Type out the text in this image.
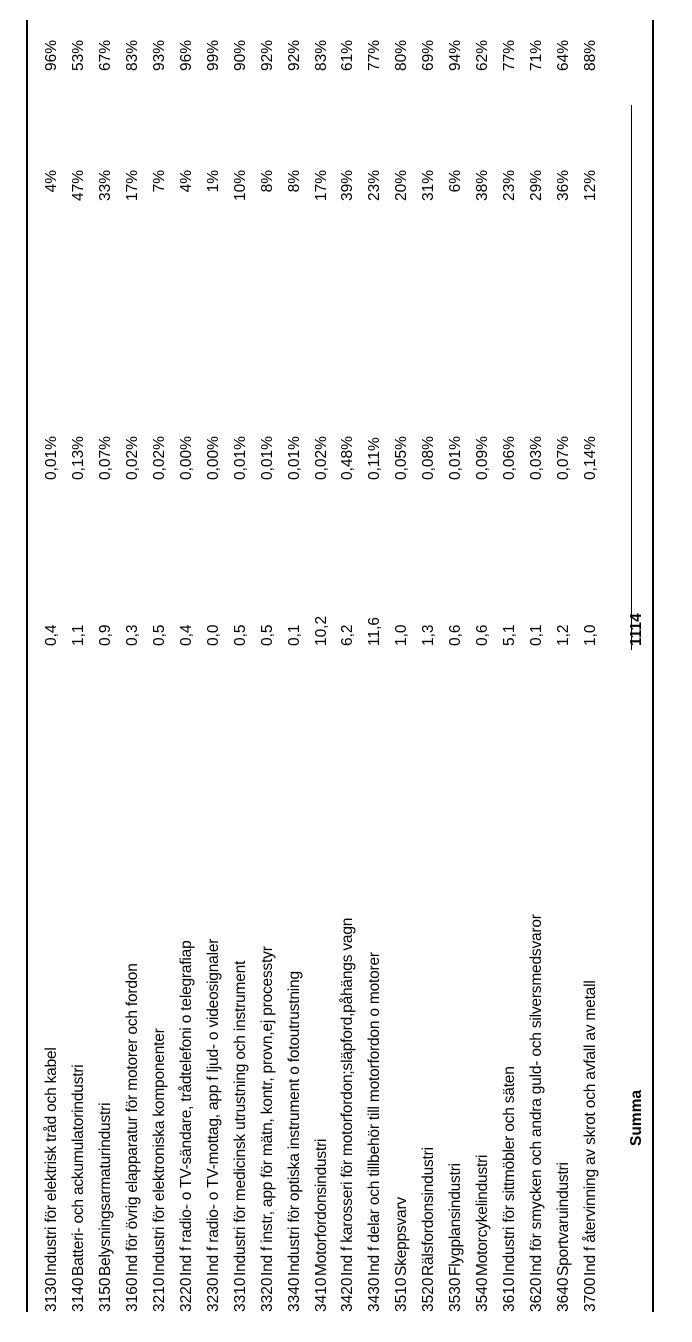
3130
Industri för elektrisk tråd och kabel
0,4
0,01%
4%
96%
3140
Batteri- och ackumulatorindustri
1,1
0,13%
47%
53%
3150
Belysningsarmaturindustri
0,9
0,07%
33%
67%
3160
Ind för övrig elapparatur för motorer och fordon
0,3
0,02%
17%
83%
3210
Industri för elektroniska komponenter
0,5
0,02%
7%
93%
3220
Ind f radio- o TV-sändare, trådtelefoni o telegrafiap
0,4
0,00%
4%
96%
3230
Ind f radio- o TV-mottag, app f ljud- o videosignaler
0,0
0,00%
1%
99%
3310
Industri för medicinsk utrustning och instrument
0,5
0,01%
10%
90%
3320
Ind f instr, app för mätn, kontr, provn,ej processtyr
0,5
0,01%
8%
92%
3340
Industri för optiska instrument o fotoutrustning
0,1
0,01%
8%
92%
3410
Motorfordonsindustri
10,2
0,02%
17%
83%
3420
Ind f karosseri för motorfordon;släpford,påhängs vagn
6,2
0,48%
39%
61%
3430
Ind f delar och tillbehör till motorfordon o motorer
11,6
0,11%
23%
77%
3510
Skeppsvarv
1,0
0,05%
20%
80%
3520
Rälsfordonsindustri
1,3
0,08%
31%
69%
3530
Flygplansindustri
0,6
0,01%
6%
94%
3540
Motorcykelindustri
0,6
0,09%
38%
62%
3610
Industri för sittmöbler och säten
5,1
0,06%
23%
77%
3620
Ind för smycken och andra guld- och silversmedsvaror
0,1
0,03%
29%
71%
3640
Sportvaruindustri
1,2
0,07%
36%
64%
3700
Ind f återvinning av skrot och avfall av metall
1,0
0,14%
12%
88%
Summa
1114
